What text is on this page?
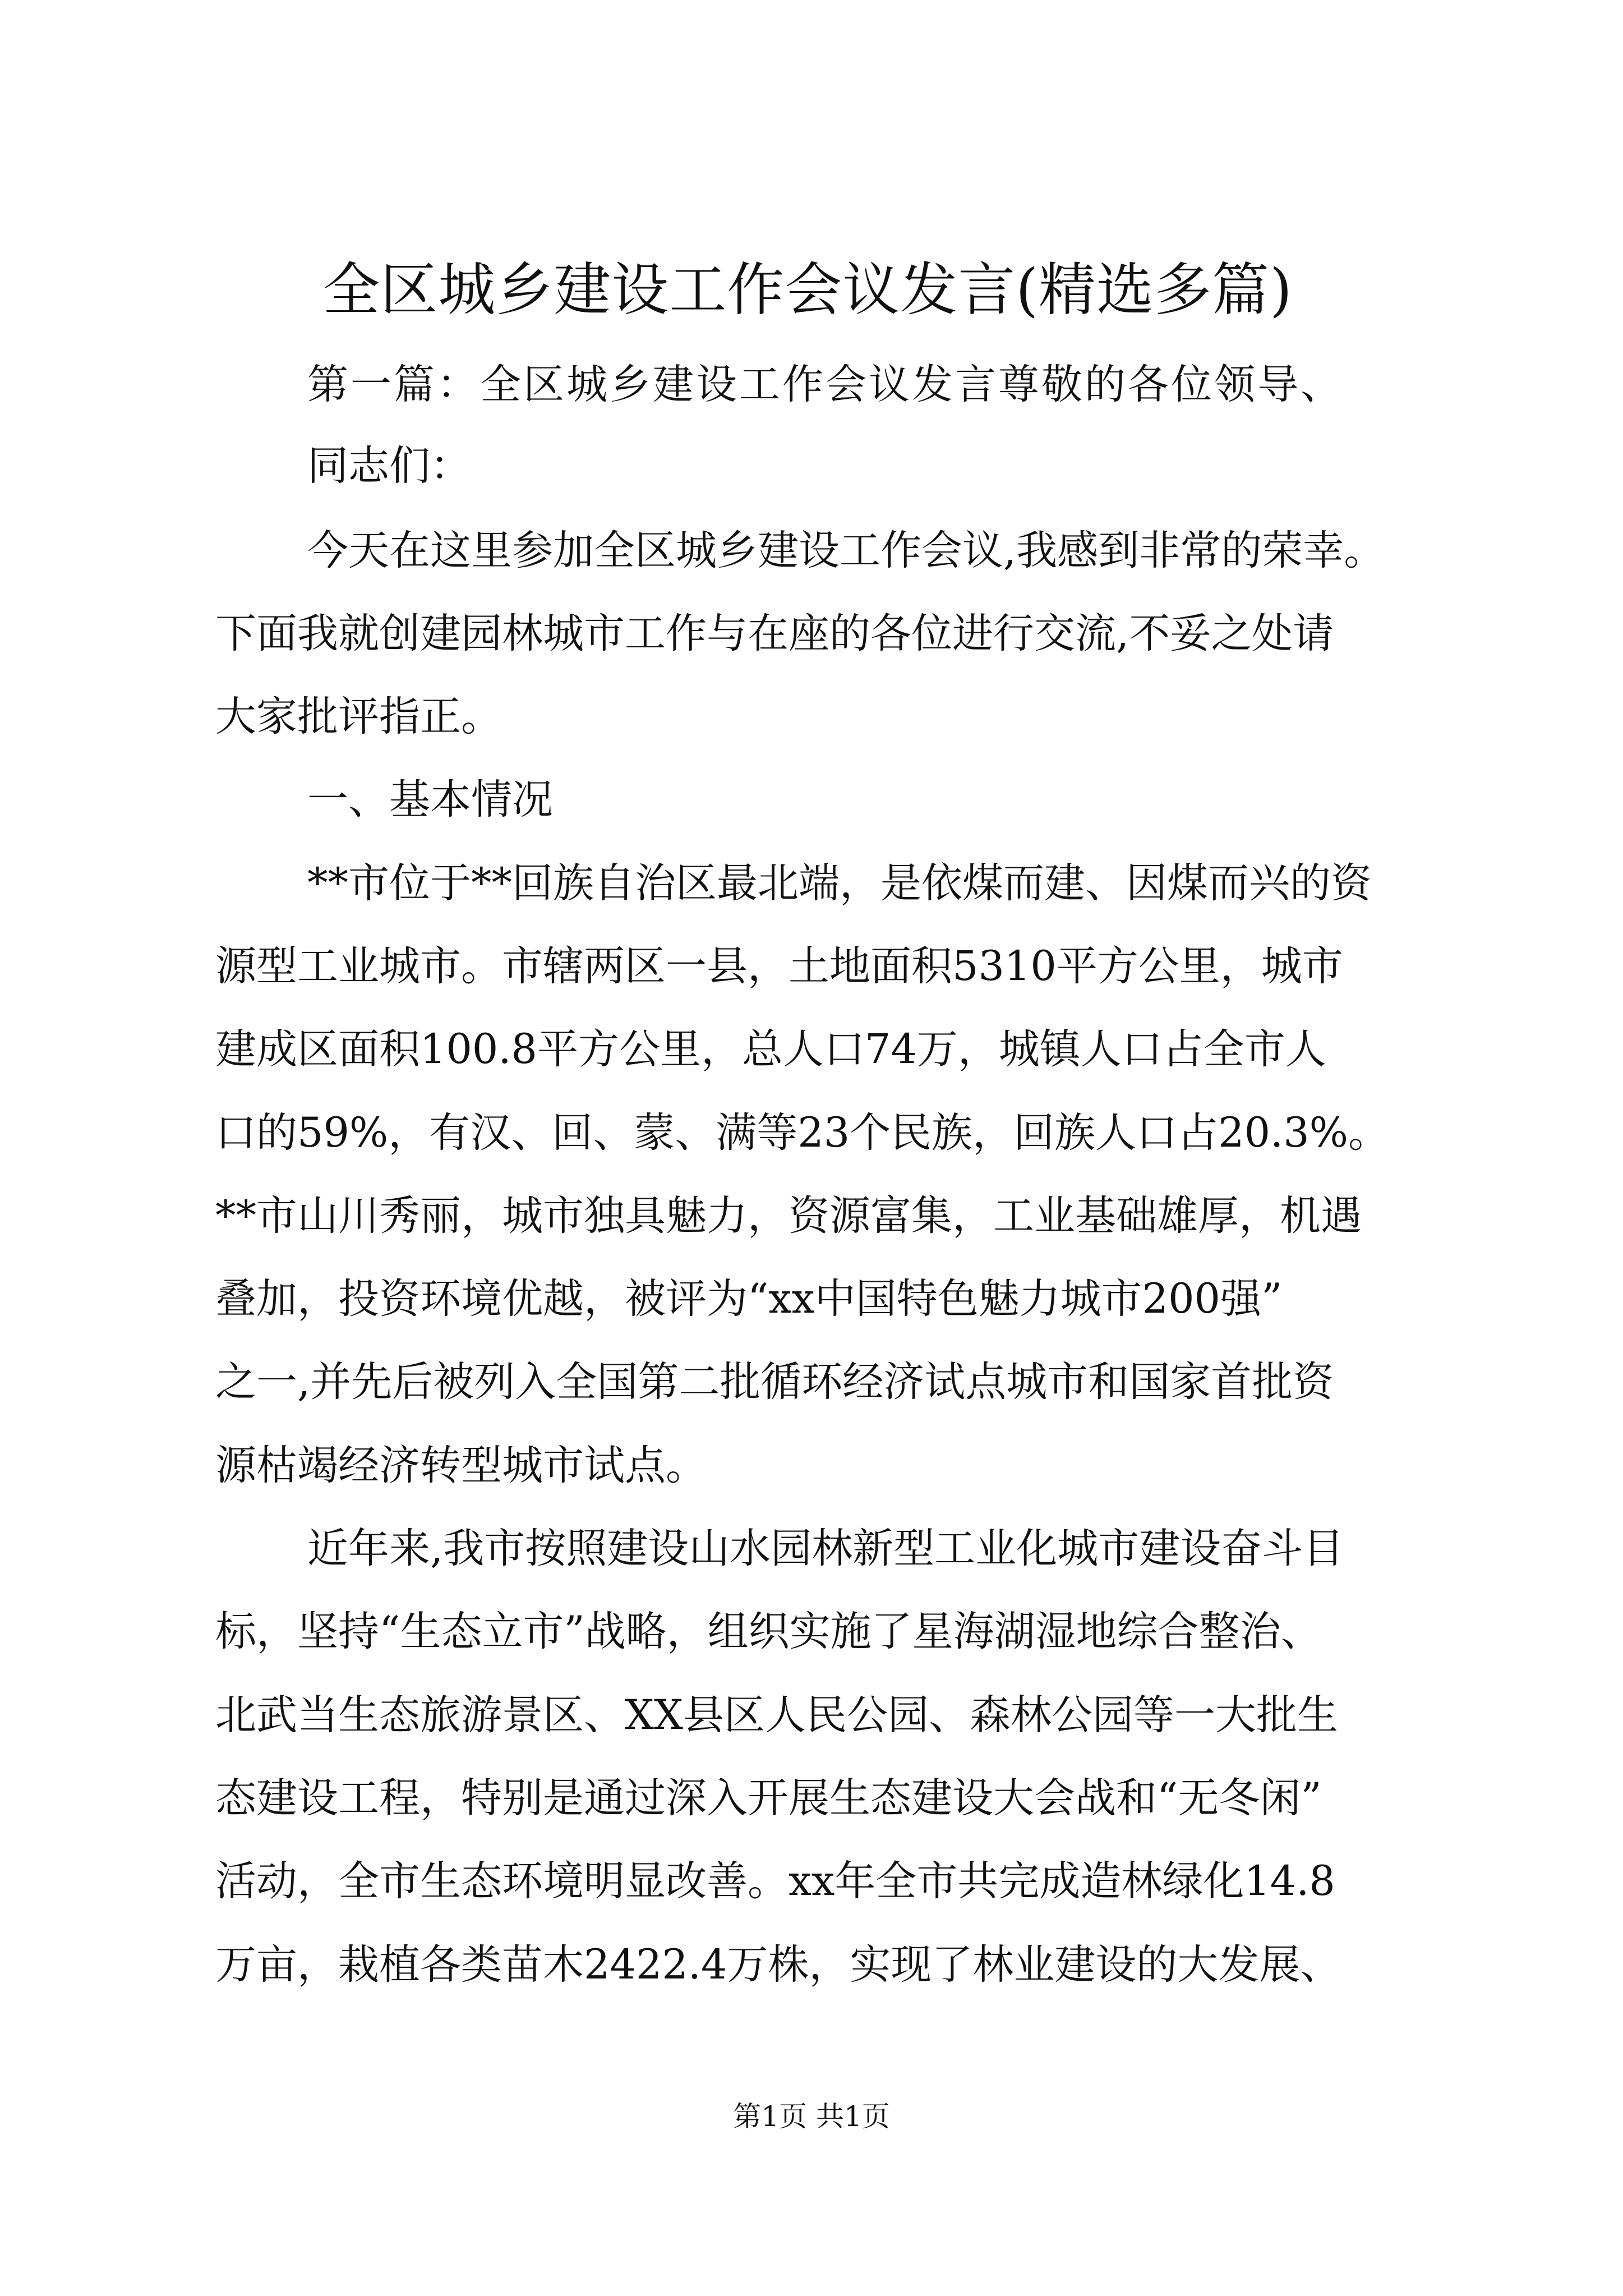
全区城乡建设工作会议发言(精选多篇)
第一篇：全区城乡建设工作会议发言尊敬的各位领导、
同志们：
今天在这里参加全区城乡建设工作会议,我感到非常的荣幸。
下面我就创建园林城市工作与在座的各位进行交流,不妥之处请
大家批评指正。
一、基本情况
**市位于**回族自治区最北端，是依煤而建、因煤而兴的资
源型工业城市。市辖两区一县，土地面积5310平方公里，城市
建成区面积100.8平方公里，总人口74万，城镇人口占全市人
口的59%，有汉、回、蒙、满等23个民族，回族人口占20.3%。
**市山川秀丽，城市独具魅力，资源富集，工业基础雄厚，机遇
叠加，投资环境优越，被评为“xx中国特色魅力城市200强”
之一,并先后被列入全国第二批循环经济试点城市和国家首批资
源枯竭经济转型城市试点。
近年来,我市按照建设山水园林新型工业化城市建设奋斗目
标，坚持“生态立市”战略，组织实施了星海湖湿地综合整治、
北武当生态旅游景区、XX县区人民公园、森林公园等一大批生
态建设工程，特别是通过深入开展生态建设大会战和“无冬闲”
活动，全市生态环境明显改善。xx年全市共完成造林绿化14.8
万亩，栽植各类苗木2422.4万株，实现了林业建设的大发展、
第1页 共1页
